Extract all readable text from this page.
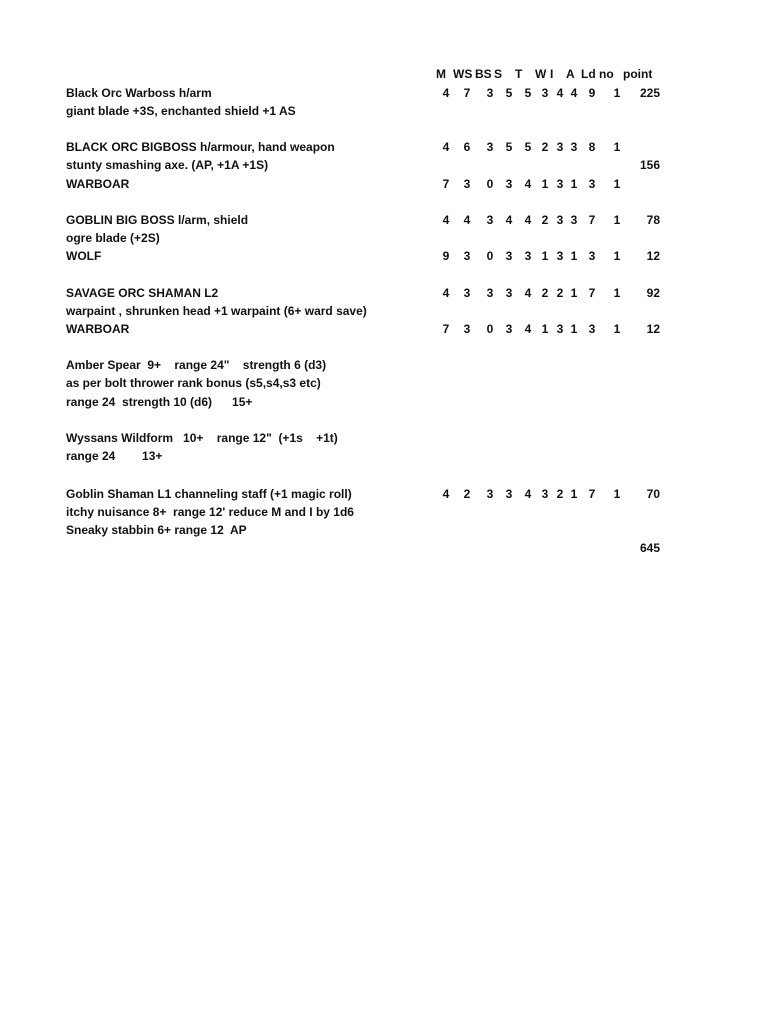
M WS BS S T W I A Ld no point
Black Orc Warboss h/arm	4	7	3	5	5 3 4 4 9	1	225
giant blade +3S, enchanted shield +1 AS
BLACK ORC BIGBOSS h/armour, hand weapon	4	6	3	5	5 2 3 3 8	1
stunty smashing axe. (AP, +1A +1S)	156
WARBOAR	7	3	0	3	4 1 3 1 3	1
GOBLIN BIG BOSS l/arm, shield	4	4	3	4	4 2 3 3 7	1	78
ogre blade (+2S)
WOLF	9	3	0	3	3 1 3 1 3	1	12
SAVAGE ORC SHAMAN L2	4	3	3	3	4 2 2 1 7	1	92
warpaint , shrunken head +1 warpaint (6+ ward save)
WARBOAR	7	3	0	3	4 1 3 1 3	1	12
Amber Spear  9+    range 24"    strength 6 (d3)
as per bolt thrower rank bonus (s5,s4,s3 etc)
range 24  strength 10 (d6)      15+
Wyssans Wildform   10+    range 12"  (+1s    +1t)
range 24        13+
Goblin Shaman L1 channeling staff (+1 magic roll)	4	2	3	3	4 3 2 1 7	1	70
itchy nuisance 8+  range 12' reduce M and I by 1d6
Sneaky stabbin 6+ range 12  AP
645
